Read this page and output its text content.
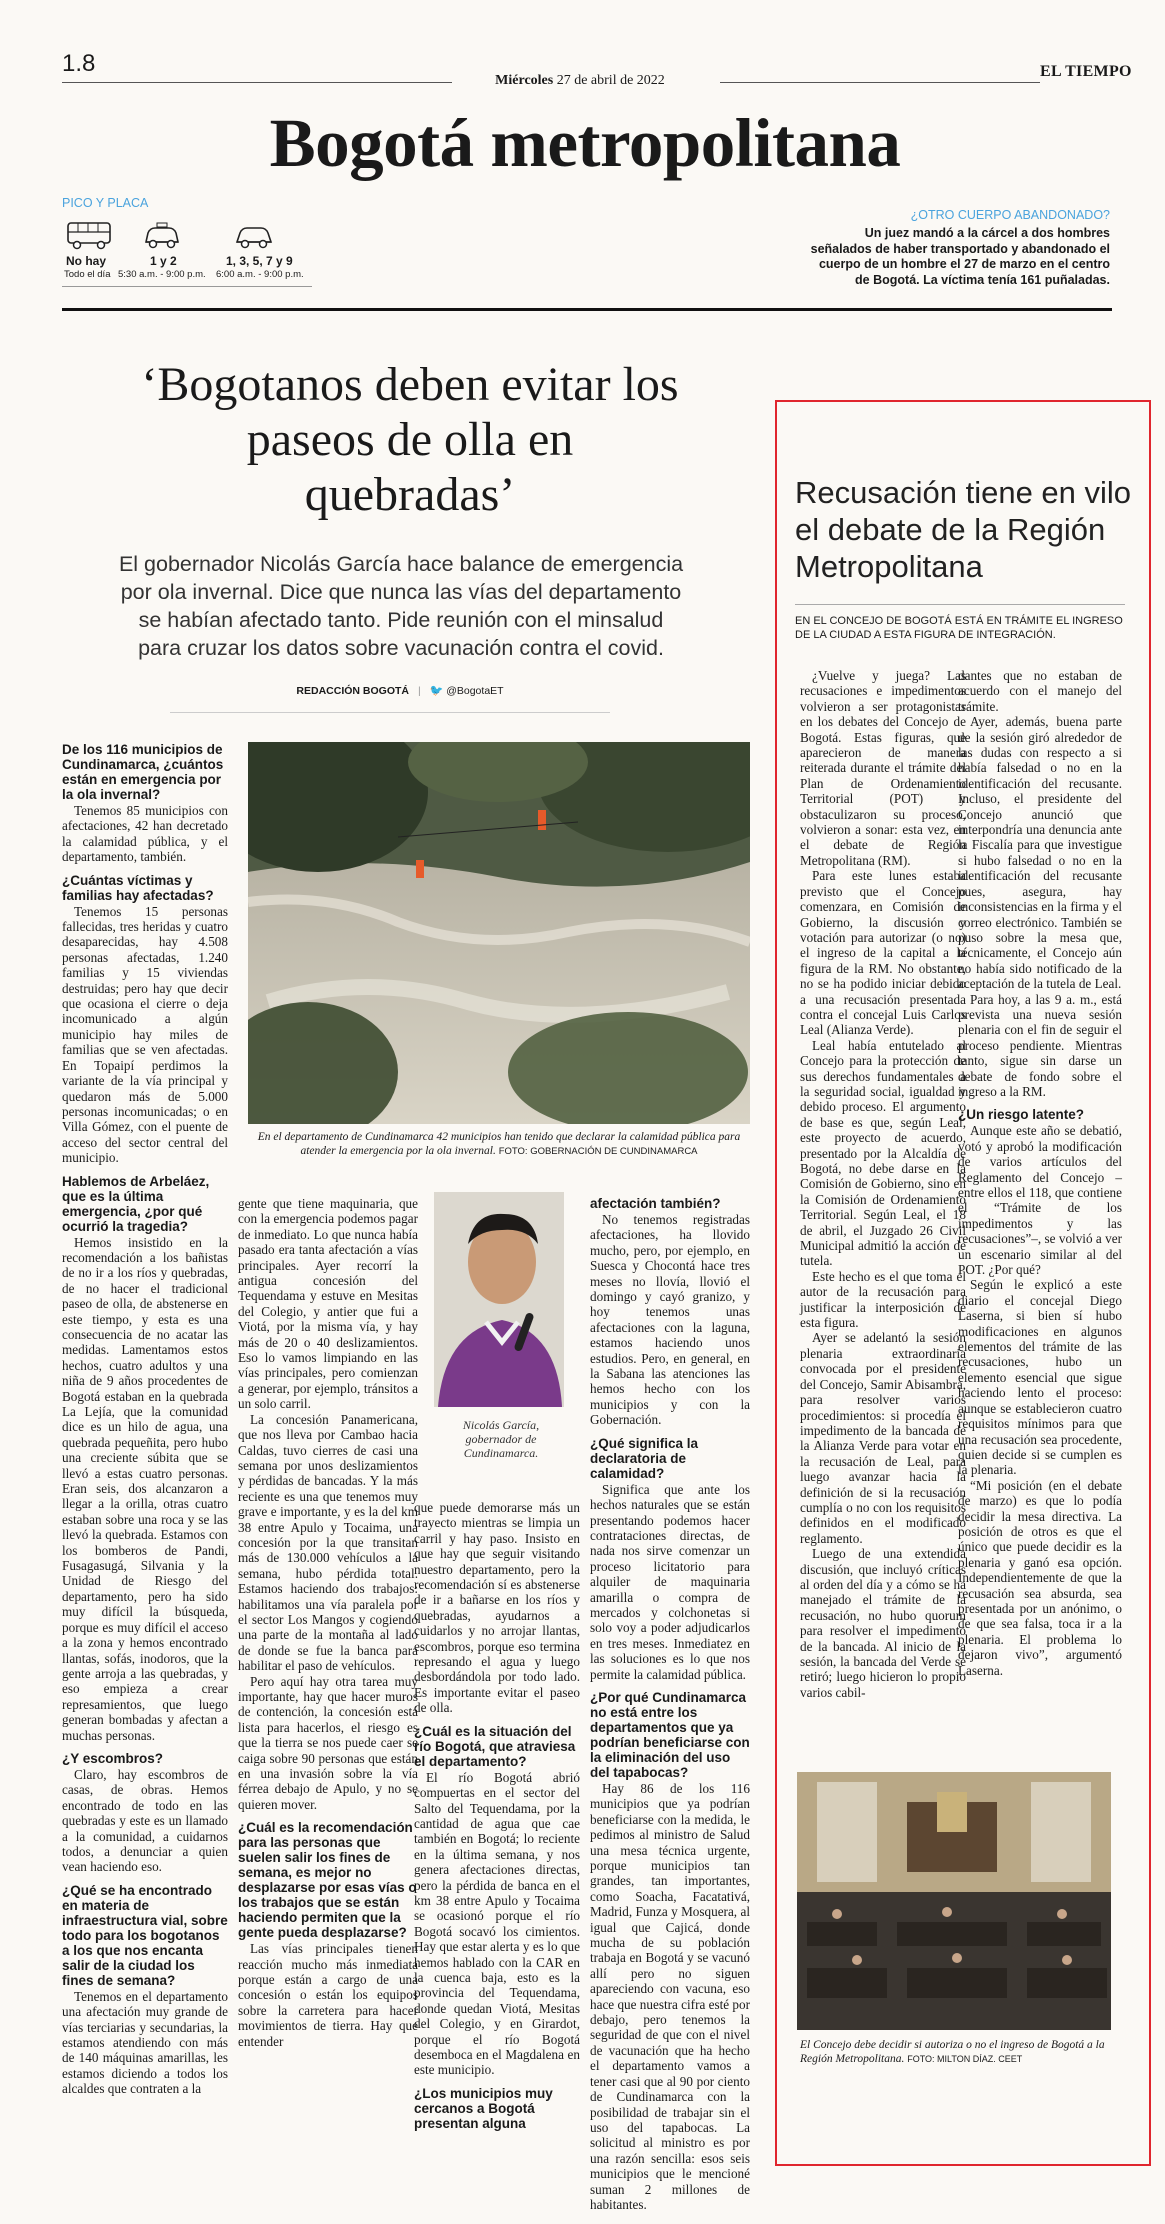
1.8
Miércoles 27 de abril de 2022
EL TIEMPO
Bogotá metropolitana
PICO Y PLACA
No hay
Todo el día
1 y 2
5:30 a.m. - 9:00 p.m.
1, 3, 5, 7 y 9
6:00 a.m. - 9:00 p.m.
¿OTRO CUERPO ABANDONADO?
Un juez mandó a la cárcel a dos hombres señalados de haber transportado y abandonado el cuerpo de un hombre el 27 de marzo en el centro de Bogotá. La víctima tenía 161 puñaladas.
‘Bogotanos deben evitar los paseos de olla en quebradas’
El gobernador Nicolás García hace balance de emergencia por ola invernal. Dice que nunca las vías del departamento se habían afectado tanto. Pide reunión con el minsalud para cruzar los datos sobre vacunación contra el covid.
REDACCIÓN BOGOTÁ | 🐦 @BogotaET
En el departamento de Cundinamarca 42 municipios han tenido que declarar la calamidad pública para atender la emergencia por la ola invernal. FOTO: GOBERNACIÓN DE CUNDINAMARCA
Nicolás García, gobernador de Cundinamarca.
De los 116 municipios de Cundinamarca, ¿cuántos están en emergencia por la ola invernal?

Tenemos 85 municipios con afectaciones, 42 han decretado la calamidad pública, y el departamento, también.

¿Cuántas víctimas y familias hay afectadas?

Tenemos 15 personas fallecidas, tres heridas y cuatro desaparecidas, hay 4.508 personas afectadas, 1.240 familias y 15 viviendas destruidas; pero hay que decir que ocasiona el cierre o deja incomunicado a algún municipio hay miles de familias que se ven afectadas. En Topaipí perdimos la variante de la vía principal y quedaron más de 5.000 personas incomunicadas; o en Villa Gómez, con el puente de acceso del sector central del municipio.

Hablemos de Arbeláez, que es la última emergencia, ¿por qué ocurrió la tragedia?

Hemos insistido en la recomendación a los bañistas de no ir a los ríos y quebradas, de no hacer el tradicional paseo de olla, de abstenerse en este tiempo, y esta es una consecuencia de no acatar las medidas. Lamentamos estos hechos, cuatro adultos y una niña de 9 años procedentes de Bogotá estaban en la quebrada La Lejía, que la comunidad dice es un hilo de agua, una quebrada pequeñita, pero hubo una creciente súbita que se llevó a estas cuatro personas. Eran seis, dos alcanzaron a llegar a la orilla, otras cuatro estaban sobre una roca y se las llevó la quebrada. Estamos con los bomberos de Pandi, Fusagasugá, Silvania y la Unidad de Riesgo del departamento, pero ha sido muy difícil la búsqueda, porque es muy difícil el acceso a la zona y hemos encontrado llantas, sofás, inodoros, que la gente arroja a las quebradas, y eso empieza a crear represamientos, que luego generan bombadas y afectan a muchas personas.

¿Y escombros?

Claro, hay escombros de casas, de obras. Hemos encontrado de todo en las quebradas y este es un llamado a la comunidad, a cuidarnos todos, a denunciar a quien vean haciendo eso.

¿Qué se ha encontrado en materia de infraestructura vial, sobre todo para los bogotanos a los que nos encanta salir de la ciudad los fines de semana?

Tenemos en el departamento una afectación muy grande de vías terciarias y secundarias, la estamos atendiendo con más de 140 máquinas amarillas, les estamos diciendo a todos los alcaldes que contraten a la

gente que tiene maquinaria, que con la emergencia podemos pagar de inmediato. Lo que nunca había pasado era tanta afectación a vías principales. Ayer recorrí la antigua concesión del Tequendama y estuve en Mesitas del Colegio, y antier que fui a Viotá, por la misma vía, y hay más de 20 o 40 deslizamientos. Eso lo vamos limpiando en las vías principales, pero comienzan a generar, por ejemplo, tránsitos a un solo carril.

La concesión Panamericana, que nos lleva por Cambao hacia Caldas, tuvo cierres de casi una semana por unos deslizamientos y pérdidas de bancadas. Y la más reciente es una que tenemos muy grave e importante, y es la del km 38 entre Apulo y Tocaima, una concesión por la que transitan más de 130.000 vehículos a la semana, hubo pérdida total. Estamos haciendo dos trabajos: habilitamos una vía paralela por el sector Los Mangos y cogiendo una parte de la montaña al lado de donde se fue la banca para habilitar el paso de vehículos.

Pero aquí hay otra tarea muy importante, hay que hacer muros de contención, la concesión está lista para hacerlos, el riesgo es que la tierra se nos puede caer se caiga sobre 90 personas que están en una invasión sobre la vía férrea debajo de Apulo, y no se quieren mover.

¿Cuál es la recomendación para las personas que suelen salir los fines de semana, es mejor no desplazarse por esas vías o los trabajos que se están haciendo permiten que la gente pueda desplazarse?

Las vías principales tienen reacción mucho más inmediata porque están a cargo de una concesión o están los equipos sobre la carretera para hacer movimientos de tierra. Hay que entender

que puede demorarse más un trayecto mientras se limpia un carril y hay paso. Insisto en que hay que seguir visitando nuestro departamento, pero la recomendación sí es abstenerse de ir a bañarse en los ríos y quebradas, ayudarnos a cuidarlos y no arrojar llantas, escombros, porque eso termina represando el agua y luego desbordándola por todo lado. Es importante evitar el paseo de olla.

¿Cuál es la situación del río Bogotá, que atraviesa el departamento?

El río Bogotá abrió compuertas en el sector del Salto del Tequendama, por la cantidad de agua que cae también en Bogotá; lo reciente en la última semana, y nos genera afectaciones directas, pero la pérdida de banca en el km 38 entre Apulo y Tocaima se ocasionó porque el río Bogotá socavó los cimientos. Hay que estar alerta y es lo que hemos hablado con la CAR en la cuenca baja, esto es la provincia del Tequendama, donde quedan Viotá, Mesitas del Colegio, y en Girardot, porque el río Bogotá desemboca en el Magdalena en este municipio.

¿Los municipios muy cercanos a Bogotá presentan alguna
afectación también?

No tenemos registradas afectaciones, ha llovido mucho, pero, por ejemplo, en Suesca y Chocontá hace tres meses no llovía, llovió el domingo y cayó granizo, y hoy tenemos unas afectaciones con la laguna, estamos haciendo unos estudios. Pero, en general, en la Sabana las atenciones las hemos hecho con los municipios y con la Gobernación.

¿Qué significa la declaratoria de calamidad?

Significa que ante los hechos naturales que se están presentando podemos hacer contrataciones directas, de nada nos sirve comenzar un proceso licitatorio para alquiler de maquinaria amarilla o compra de mercados y colchonetas si solo voy a poder adjudicarlos en tres meses. Inmediatez en las soluciones es lo que nos permite la calamidad pública.

¿Por qué Cundinamarca no está entre los departamentos que ya podrían beneficiarse con la eliminación del uso del tapabocas?

Hay 86 de los 116 municipios que ya podrían beneficiarse con la medida, le pedimos al ministro de Salud una mesa técnica urgente, porque municipios tan grandes, tan importantes, como Soacha, Facatativá, Madrid, Funza y Mosquera, al igual que Cajicá, donde mucha de su población trabaja en Bogotá y se vacunó allí pero no siguen apareciendo con vacuna, eso hace que nuestra cifra esté por debajo, pero tenemos la seguridad de que con el nivel de vacunación que ha hecho el departamento vamos a tener casi que al 90 por ciento de Cundinamarca con la posibilidad de trabajar sin el uso del tapabocas. La solicitud al ministro es por una razón sencilla: esos seis municipios que le mencioné suman 2 millones de habitantes.

Recusación tiene en vilo el debate de la Región Metropolitana
EN EL CONCEJO DE BOGOTÁ ESTÁ EN TRÁMITE EL INGRESO DE LA CIUDAD A ESTA FIGURA DE INTEGRACIÓN.

¿Vuelve y juega? Las recusaciones e impedimentos volvieron a ser protagonistas en los debates del Concejo de Bogotá. Estas figuras, que aparecieron de manera reiterada durante el trámite del Plan de Ordenamiento Territorial (POT) y obstaculizaron su proceso, volvieron a sonar: esta vez, en el debate de Región Metropolitana (RM).

Para este lunes estaba previsto que el Concejo comenzara, en Comisión de Gobierno, la discusión y votación para autorizar (o no) el ingreso de la capital a la figura de la RM. No obstante, no se ha podido iniciar debido a una recusación presentada contra el concejal Luis Carlos Leal (Alianza Verde).

Leal había entutelado al Concejo para la protección de sus derechos fundamentales a la seguridad social, igualdad y debido proceso. El argumento de base es que, según Leal, este proyecto de acuerdo, presentado por la Alcaldía de Bogotá, no debe darse en la Comisión de Gobierno, sino en la Comisión de Ordenamiento Territorial. Según Leal, el 18 de abril, el Juzgado 26 Civil Municipal admitió la acción de tutela.

Este hecho es el que toma el autor de la recusación para justificar la interposición de esta figura.

Ayer se adelantó la sesión plenaria extraordinaria convocada por el presidente del Concejo, Samir Abisambra, para resolver varios procedimientos: si procedía el impedimento de la bancada de la Alianza Verde para votar en la recusación de Leal, para luego avanzar hacia la definición de si la recusación cumplía o no con los requisitos definidos en el modificado reglamento.

Luego de una extendida discusión, que incluyó críticas al orden del día y a cómo se ha manejado el trámite de la recusación, no hubo quorum para resolver el impedimento de la bancada. Al inicio de la sesión, la bancada del Verde se retiró; luego hicieron lo propio varios cabil-

dantes que no estaban de acuerdo con el manejo del trámite.

Ayer, además, buena parte de la sesión giró alrededor de las dudas con respecto a si había falsedad o no en la identificación del recusante. Incluso, el presidente del Concejo anunció que interpondría una denuncia ante la Fiscalía para que investigue si hubo falsedad o no en la identificación del recusante pues, asegura, hay inconsistencias en la firma y el correo electrónico. También se puso sobre la mesa que, técnicamente, el Concejo aún no había sido notificado de la aceptación de la tutela de Leal.

Para hoy, a las 9 a. m., está prevista una nueva sesión plenaria con el fin de seguir el proceso pendiente. Mientras tanto, sigue sin darse un debate de fondo sobre el ingreso a la RM.

¿Un riesgo latente?

Aunque este año se debatió, votó y aprobó la modificación de varios artículos del Reglamento del Concejo –entre ellos el 118, que contiene el “Trámite de los impedimentos y las recusaciones”–, se volvió a ver un escenario similar al del POT. ¿Por qué?

Según le explicó a este diario el concejal Diego Laserna, si bien sí hubo modificaciones en algunos elementos del trámite de las recusaciones, hubo un elemento esencial que sigue haciendo lento el proceso: aunque se establecieron cuatro requisitos mínimos para que una recusación sea procedente, quien decide si se cumplen es la plenaria.

“Mi posición (en el debate de marzo) es que lo podía decidir la mesa directiva. La posición de otros es que el único que puede decidir es la plenaria y ganó esa opción. Independientemente de que la recusación sea absurda, sea presentada por un anónimo, o de que sea falsa, toca ir a la plenaria. El problema lo dejaron vivo”, argumentó Laserna.

El Concejo debe decidir si autoriza o no el ingreso de Bogotá a la Región Metropolitana. FOTO: MILTON DÍAZ. CEET
